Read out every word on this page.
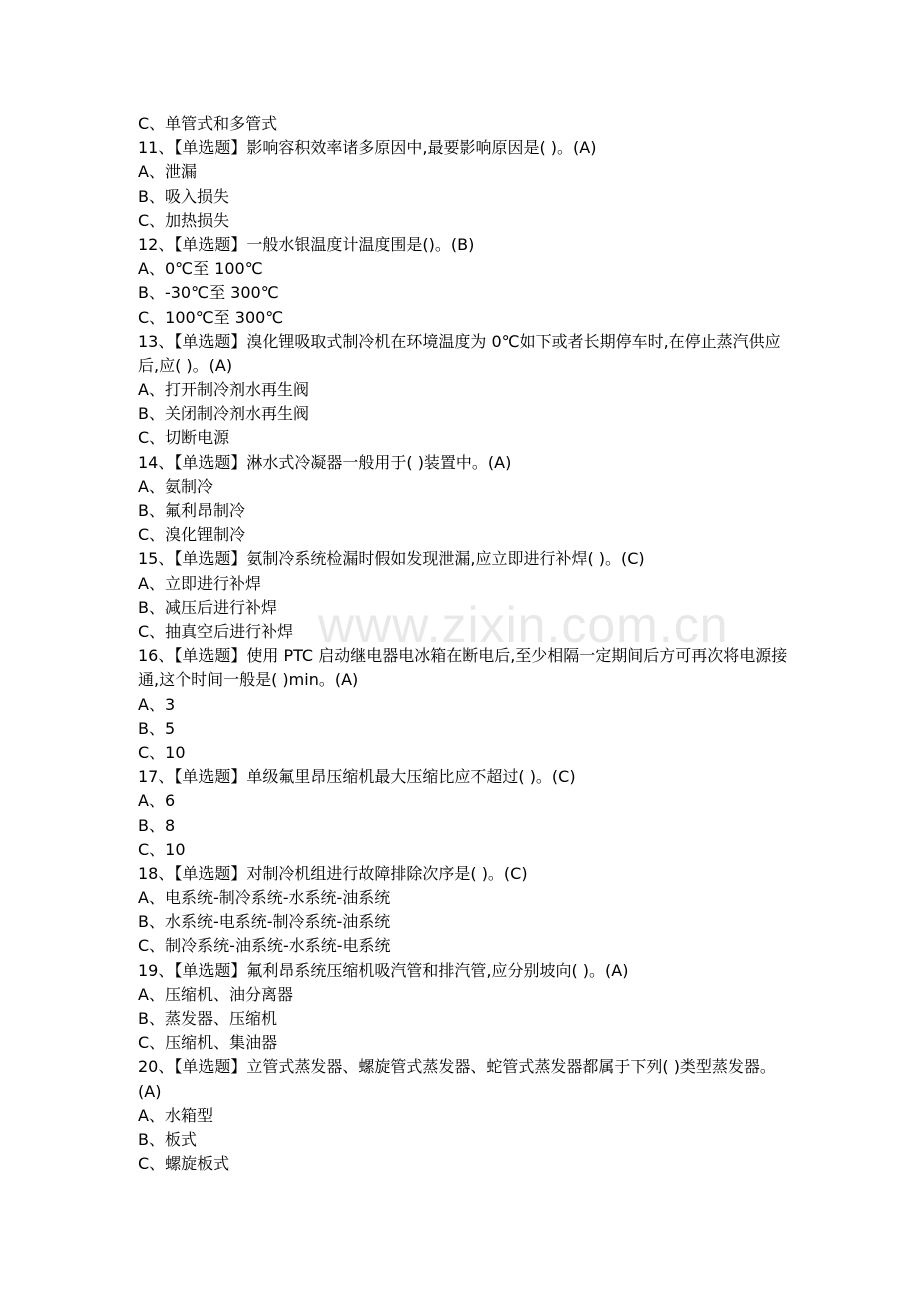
C、单管式和多管式
11、【单选题】影响容积效率诸多原因中,最要影响原因是( )。(A)
A、泄漏
B、吸入损失
C、加热损失
12、【单选题】一般水银温度计温度围是()。(B)
A、0℃至 100℃
B、-30℃至 300℃
C、100℃至 300℃
13、【单选题】溴化锂吸取式制冷机在环境温度为 0℃如下或者长期停车时,在停止蒸汽供应后,应( )。(A)
A、打开制冷剂水再生阀
B、关闭制冷剂水再生阀
C、切断电源
14、【单选题】淋水式冷凝器一般用于( )装置中。(A)
A、氨制冷
B、氟利昂制冷
C、溴化锂制冷
15、【单选题】氨制冷系统检漏时假如发现泄漏,应立即进行补焊( )。(C)
A、立即进行补焊
B、减压后进行补焊
C、抽真空后进行补焊
16、【单选题】使用 PTC 启动继电器电冰箱在断电后,至少相隔一定期间后方可再次将电源接通,这个时间一般是( )min。(A)
A、3
B、5
C、10
17、【单选题】单级氟里昂压缩机最大压缩比应不超过( )。(C)
A、6
B、8
C、10
18、【单选题】对制冷机组进行故障排除次序是( )。(C)
A、电系统-制冷系统-水系统-油系统
B、水系统-电系统-制冷系统-油系统
C、制冷系统-油系统-水系统-电系统
19、【单选题】氟利昂系统压缩机吸汽管和排汽管,应分别坡向( )。(A)
A、压缩机、油分离器
B、蒸发器、压缩机
C、压缩机、集油器
20、【单选题】立管式蒸发器、螺旋管式蒸发器、蛇管式蒸发器都属于下列( )类型蒸发器。(A)
A、水箱型
B、板式
C、螺旋板式
www.zixin.com.cn
